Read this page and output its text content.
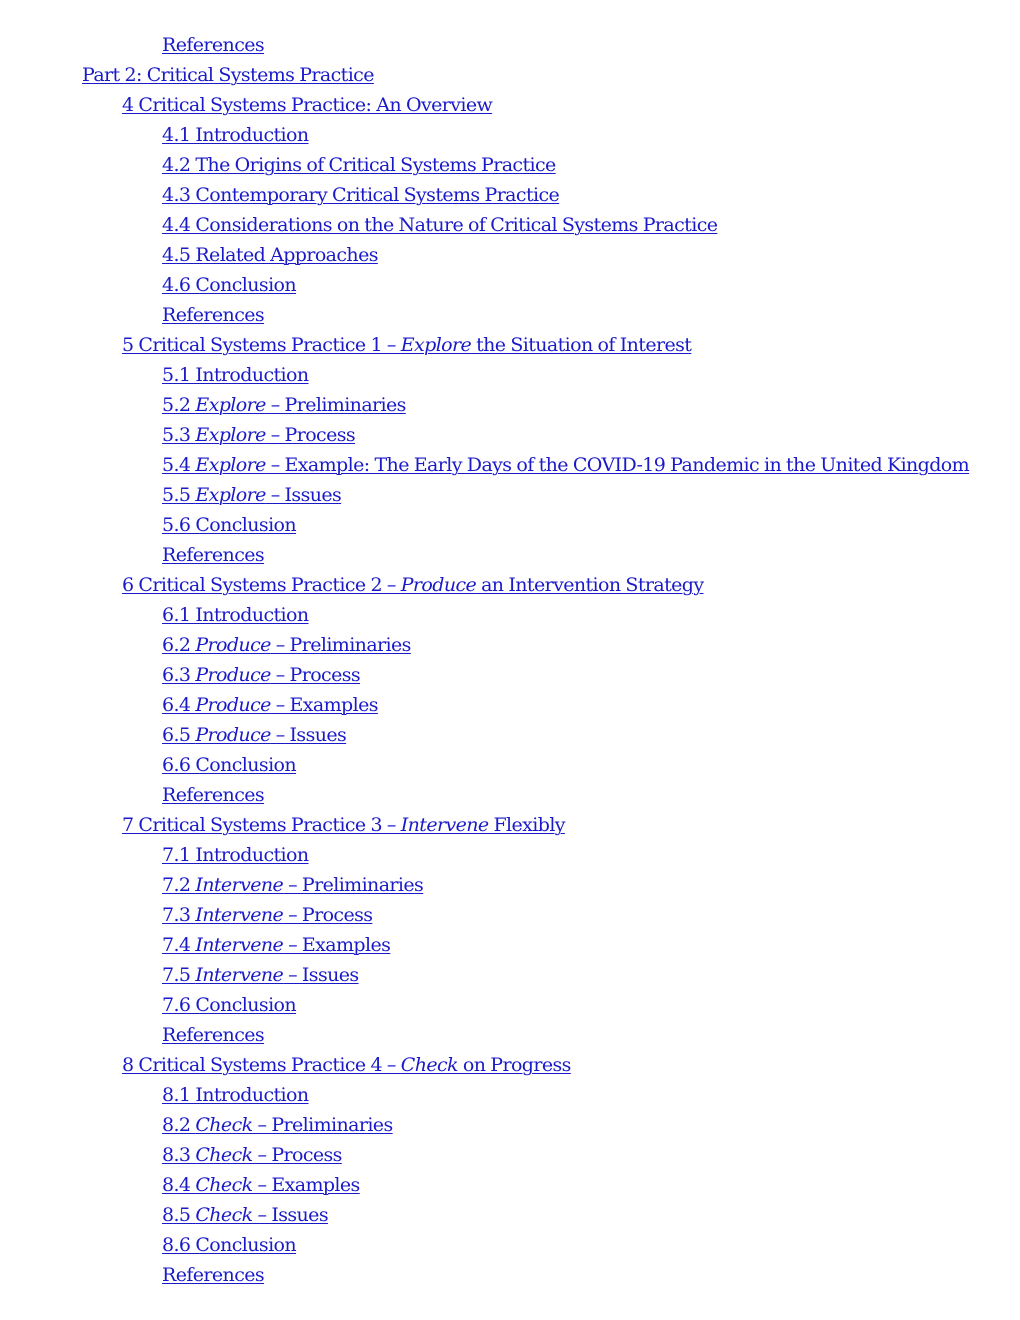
References
Part 2: Critical Systems Practice
4 Critical Systems Practice: An Overview
4.1 Introduction
4.2 The Origins of Critical Systems Practice
4.3 Contemporary Critical Systems Practice
4.4 Considerations on the Nature of Critical Systems Practice
4.5 Related Approaches
4.6 Conclusion
References
5 Critical Systems Practice 1 – Explore the Situation of Interest
5.1 Introduction
5.2 Explore – Preliminaries
5.3 Explore – Process
5.4 Explore – Example: The Early Days of the COVID-19 Pandemic in the United Kingdom
5.5 Explore – Issues
5.6 Conclusion
References
6 Critical Systems Practice 2 – Produce an Intervention Strategy
6.1 Introduction
6.2 Produce – Preliminaries
6.3 Produce – Process
6.4 Produce – Examples
6.5 Produce – Issues
6.6 Conclusion
References
7 Critical Systems Practice 3 – Intervene Flexibly
7.1 Introduction
7.2 Intervene – Preliminaries
7.3 Intervene – Process
7.4 Intervene – Examples
7.5 Intervene – Issues
7.6 Conclusion
References
8 Critical Systems Practice 4 – Check on Progress
8.1 Introduction
8.2 Check – Preliminaries
8.3 Check – Process
8.4 Check – Examples
8.5 Check – Issues
8.6 Conclusion
References
